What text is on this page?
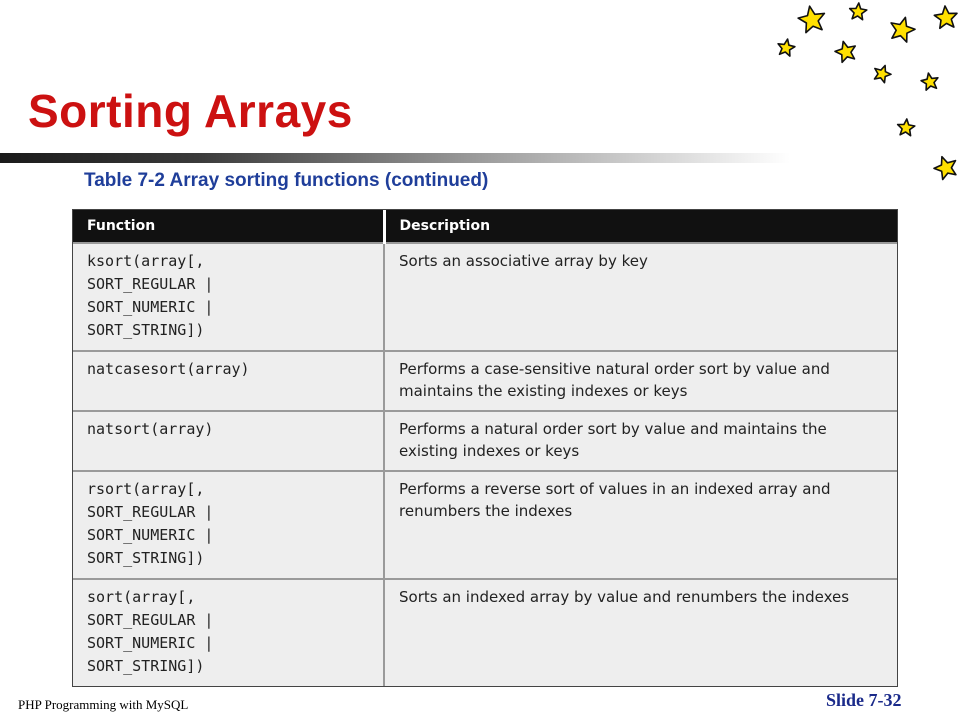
Sorting Arrays
Table 7-2 Array sorting functions (continued)
Function	Description
ksort(array[,
SORT_REGULAR |
SORT_NUMERIC |
SORT_STRING])	Sorts an associative array by key
natcasesort(array)	Performs a case-sensitive natural order sort by value and maintains the existing indexes or keys
natsort(array)	Performs a natural order sort by value and maintains the existing indexes or keys
rsort(array[,
SORT_REGULAR |
SORT_NUMERIC |
SORT_STRING])	Performs a reverse sort of values in an indexed array and renumbers the indexes
sort(array[,
SORT_REGULAR |
SORT_NUMERIC |
SORT_STRING])	Sorts an indexed array by value and renumbers the indexes
PHP Programming with MySQL	Slide 7-32
